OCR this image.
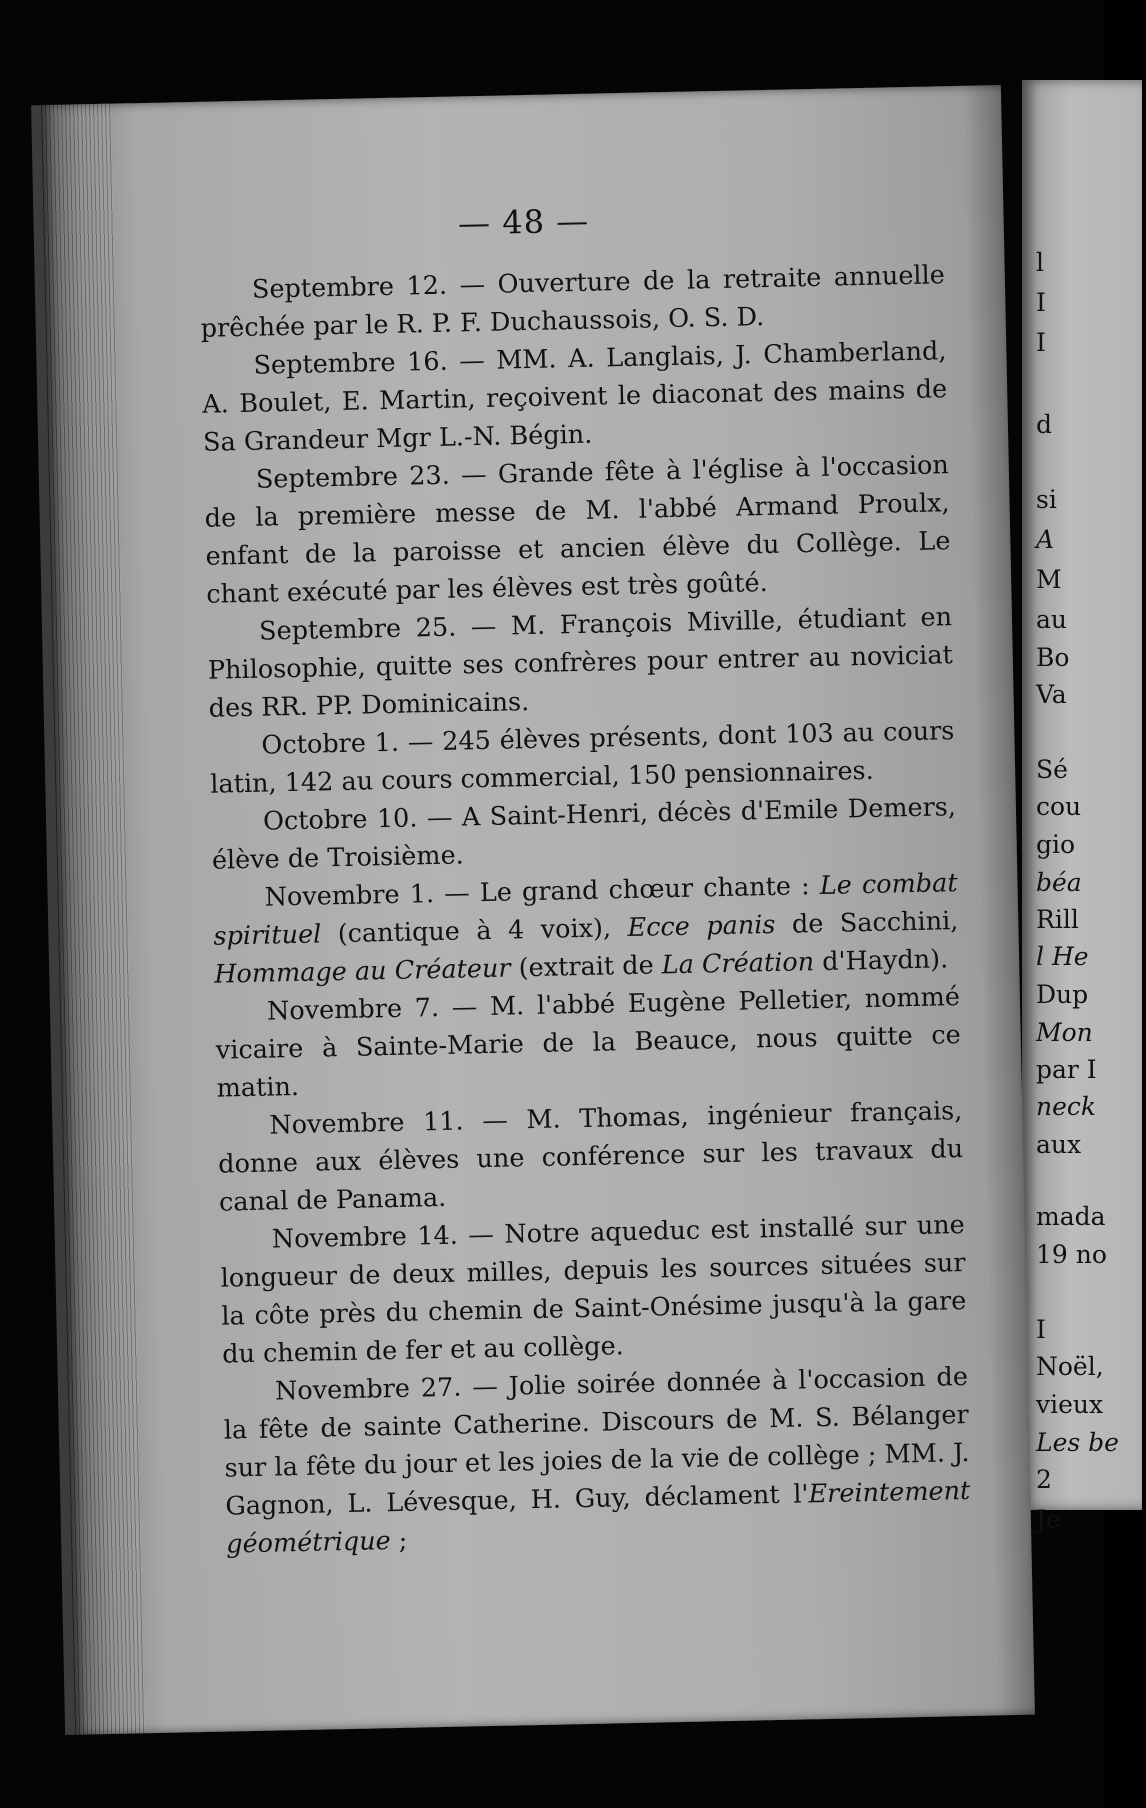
l
I
I
d
si
A
M
au
Bo
Va
Sé
cou
gio
béa
Rill
l He
Dup
Mon
par I
neck
aux
mada
19 no
I
Noël,
vieux
Les be
2
Je
— 48 —

Septembre 12. — Ouverture de la retraite annuelle prêchée par le R. P. F. Duchaussois, O. S. D.

Septembre 16. — MM. A. Langlais, J. Chamberland, A. Boulet, E. Martin, reçoivent le diaconat des mains de Sa Grandeur Mgr L.-N. Bégin.

Septembre 23. — Grande fête à l'église à l'occasion de la première messe de M. l'abbé Armand Proulx, enfant de la paroisse et ancien élève du Collège. Le chant exécuté par les élèves est très goûté.

Septembre 25. — M. François Miville, étudiant en Philosophie, quitte ses confrères pour entrer au noviciat des RR. PP. Dominicains.

Octobre 1. — 245 élèves présents, dont 103 au cours latin, 142 au cours commercial, 150 pensionnaires.

Octobre 10. — A Saint-Henri, décès d'Emile Demers, élève de Troisième.

Novembre 1. — Le grand chœur chante : Le combat spirituel (cantique à 4 voix), Ecce panis de Sacchini, Hommage au Créateur (extrait de La Création d'Haydn).

Novembre 7. — M. l'abbé Eugène Pelletier, nommé vicaire à Sainte-Marie de la Beauce, nous quitte ce matin.

Novembre 11. — M. Thomas, ingénieur français, donne aux élèves une conférence sur les travaux du canal de Panama.

Novembre 14. — Notre aqueduc est installé sur une longueur de deux milles, depuis les sources situées sur la côte près du chemin de Saint-Onésime jusqu'à la gare du chemin de fer et au collège.

Novembre 27. — Jolie soirée donnée à l'occasion de la fête de sainte Catherine. Discours de M. S. Bélanger sur la fête du jour et les joies de la vie de collège ; MM. J. Gagnon, L. Lévesque, H. Guy, déclament l'Ereintement géométrique ;
